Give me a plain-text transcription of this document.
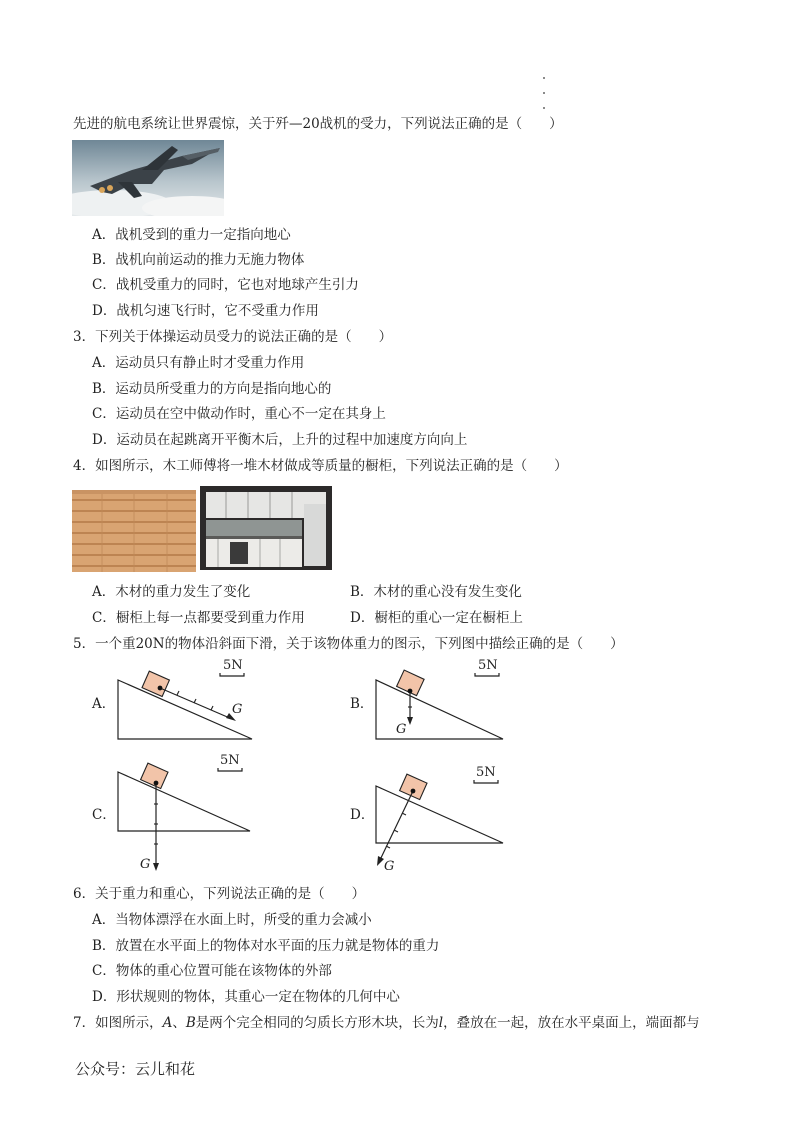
先进的航电系统让世界震惊，关于歼—20战机的受力，下列说法正确的是（　　）
A．战机受到的重力一定指向地心
B．战机向前运动的推力无施力物体
C．战机受重力的同时，它也对地球产生引力
D．战机匀速飞行时，它不受重力作用
3．下列关于体操运动员受力的说法正确的是（　　）
A．运动员只有静止时才受重力作用
B．运动员所受重力的方向是指向地心的
C．运动员在空中做动作时，重心不一定在其身上
D．运动员在起跳离开平衡木后，上升的过程中加速度方向向上
4．如图所示，木工师傅将一堆木材做成等质量的橱柜，下列说法正确的是（　　）
A．木材的重力发生了变化	B．木材的重心没有发生变化
C．橱柜上每一点都要受到重力作用	D．橱柜的重心一定在橱柜上
5．一个重20N的物体沿斜面下滑，关于该物体重力的图示，下列图中描绘正确的是（　　）
A．
5N
G	B．
5N
G
C．
5N
G
D．
5N
G
6．关于重力和重心，下列说法正确的是（　　）
A．当物体漂浮在水面上时，所受的重力会减小
B．放置在水平面上的物体对水平面的压力就是物体的重力
C．物体的重心位置可能在该物体的外部
D．形状规则的物体，其重心一定在物体的几何中心
7．如图所示，A、B是两个完全相同的匀质长方形木块，长为l，叠放在一起，放在水平桌面上，端面都与
公众号：云儿和花
